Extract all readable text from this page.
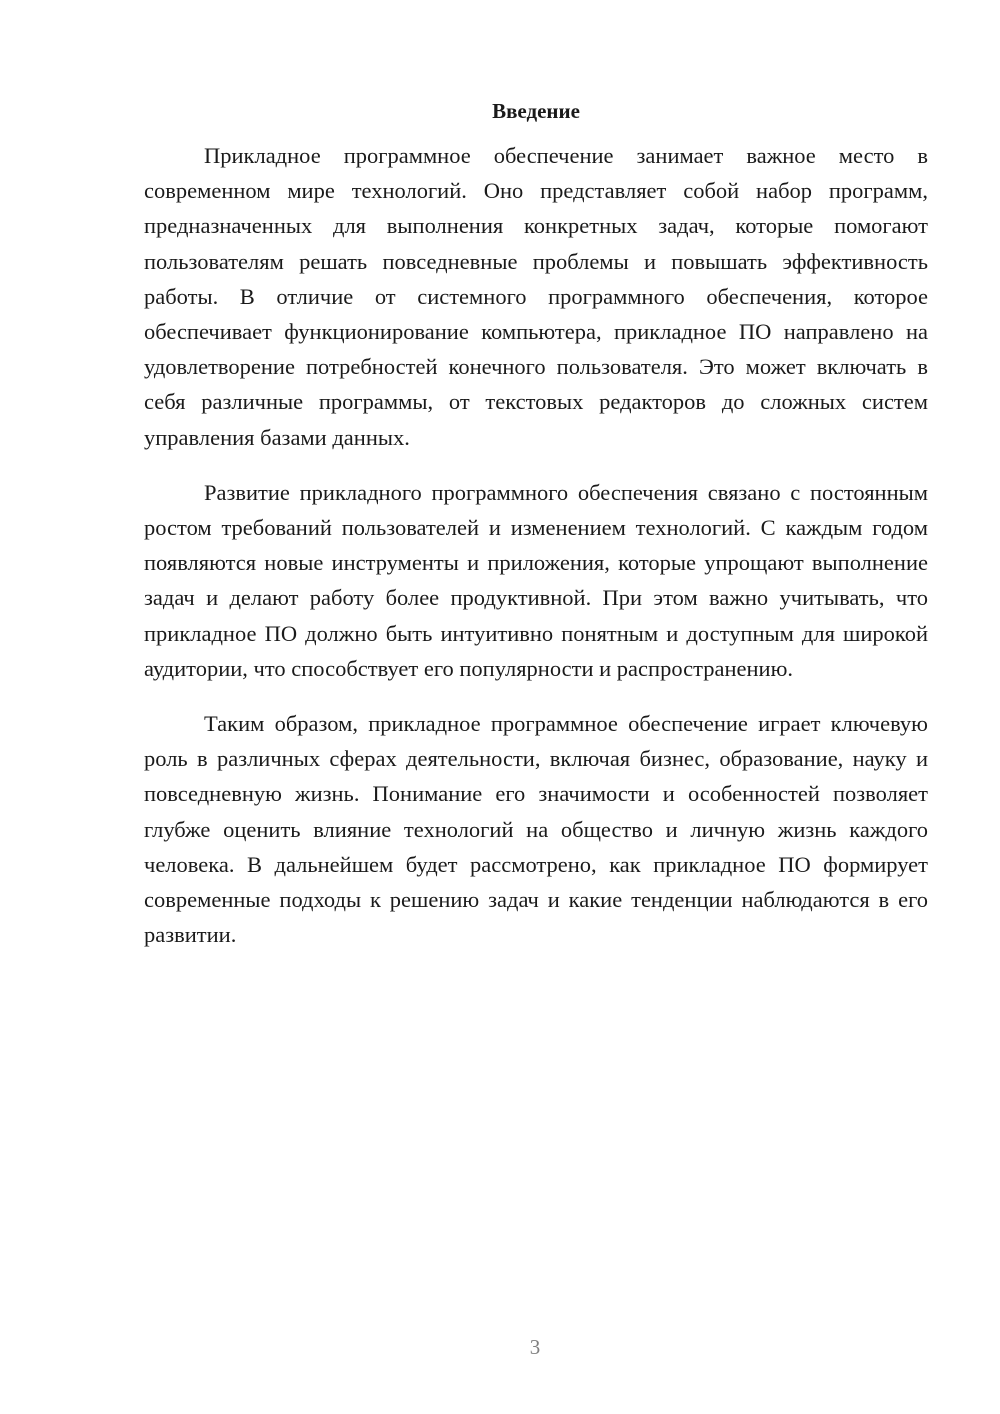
Введение

Прикладное программное обеспечение занимает важное место в современном мире технологий. Оно представляет собой набор программ, предназначенных для выполнения конкретных задач, которые помогают пользователям решать повседневные проблемы и повышать эффективность работы. В отличие от системного программного обеспечения, которое обеспечивает функционирование компьютера, прикладное ПО направлено на удовлетворение потребностей конечного пользователя. Это может включать в себя различные программы, от текстовых редакторов до сложных систем управления базами данных.

Развитие прикладного программного обеспечения связано с постоянным ростом требований пользователей и изменением технологий. С каждым годом появляются новые инструменты и приложения, которые упрощают выполнение задач и делают работу более продуктивной. При этом важно учитывать, что прикладное ПО должно быть интуитивно понятным и доступным для широкой аудитории, что способствует его популярности и распространению.

Таким образом, прикладное программное обеспечение играет ключевую роль в различных сферах деятельности, включая бизнес, образование, науку и повседневную жизнь. Понимание его значимости и особенностей позволяет глубже оценить влияние технологий на общество и личную жизнь каждого человека. В дальнейшем будет рассмотрено, как прикладное ПО формирует современные подходы к решению задач и какие тенденции наблюдаются в его развитии.

3
